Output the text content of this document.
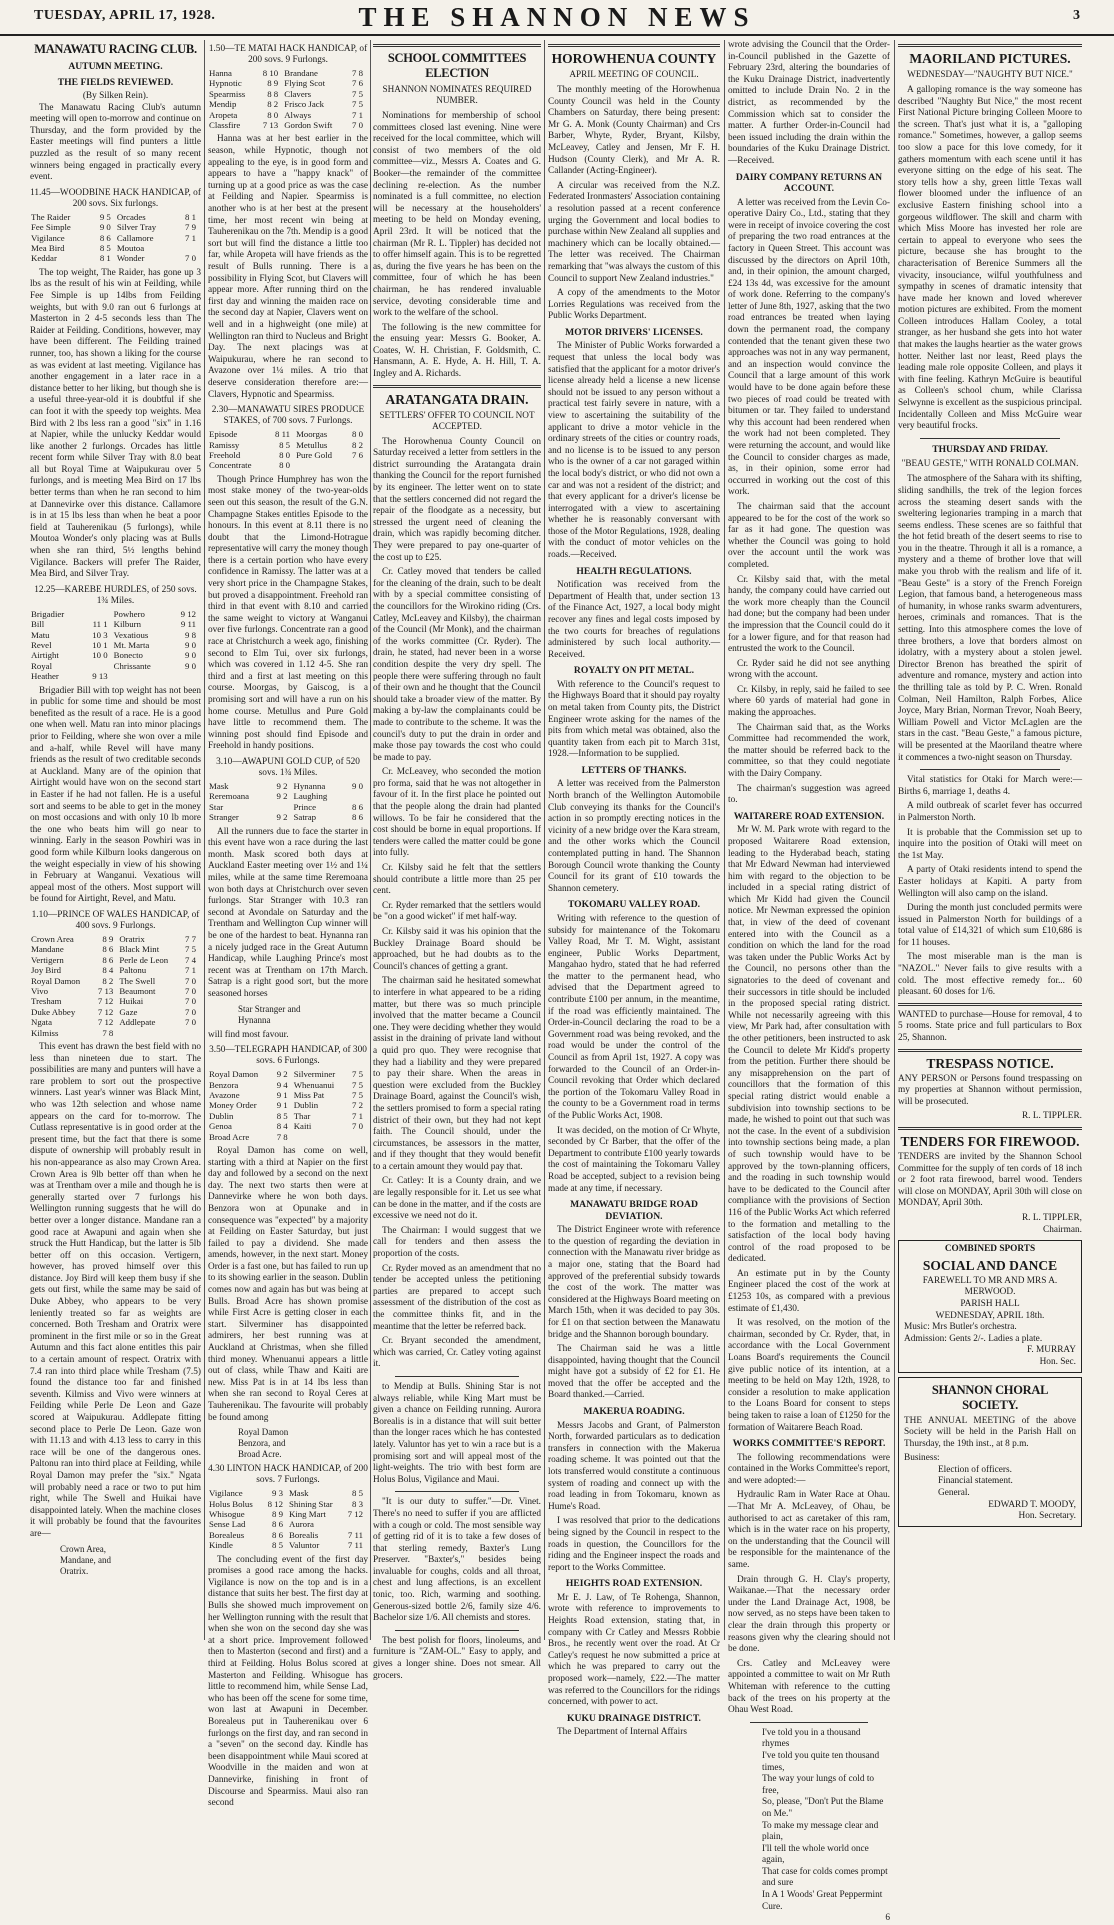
TUESDAY, APRIL 17, 1928.	THE SHANNON NEWS	3
MANAWATU RACING CLUB.
AUTUMN MEETING.
THE FIELDS REVIEWED.
(By Silken Rein).

The Manawatu Racing Club's autumn meeting will open to-morrow and continue on Thursday, and the form provided by the Easter meetings will find punters a little puzzled as the result of so many recent winners being engaged in practically every event.

11.45—WOODBINE HACK HANDICAP, of 200 sovs. Six furlongs.
The Raider	9 5	Orcades	8 1
Fee Simple	9 0	Silver Tray	7 9
Vigilance	8 6	Callamore	7 1
Mea Bird	8 5	Moutoa	
Keddar	8 1	Wonder	7 0

The top weight, The Raider, has gone up 3 lbs as the result of his win at Feilding, while Fee Simple is up 14lbs from Feilding weights, but with 9.0 ran out 6 furlongs at Masterton in 2 4-5 seconds less than The Raider at Feilding. Conditions, however, may have been different. The Feilding trained runner, too, has shown a liking for the course as was evident at last meeting. Vigilance has another engagement in a later race in a distance better to her liking, but though she is a useful three-year-old it is doubtful if she can foot it with the speedy top weights. Mea Bird with 2 lbs less ran a good "six" in 1.16 at Napier, while the unlucky Keddar would like another 2 furlongs. Orcades has little recent form while Silver Tray with 8.0 beat all but Royal Time at Waipukurau over 5 furlongs, and is meeting Mea Bird on 17 lbs better terms than when he ran second to him at Dannevirke over this distance. Callamore is in at 15 lbs less than when he beat a poor field at Tauherenikau (5 furlongs), while Moutoa Wonder's only placing was at Bulls when she ran third, 5½ lengths behind Vigilance. Backers will prefer The Raider, Mea Bird, and Silver Tray.

12.25—KAREBE HURDLES, of 250 sovs. 1¾ Miles.
Brigadier		Powhero	9 12
Bill	11 1	Kilburn	9 11
Matu	10 3	Vexatious	9 8
Revel	10 1	Mt. Marta	9 0
Airtight	10 0	Bonecto	9 0
Royal		Chrissante	9 0
Heather	9 13		

Brigadier Bill with top weight has not been in public for some time and should be most benefited as the result of a race. He is a good one when well. Matu ran into minor placings prior to Feilding, where she won over a mile and a-half, while Revel will have many friends as the result of two creditable seconds at Auckland. Many are of the opinion that Airtight would have won on the second start in Easter if he had not fallen. He is a useful sort and seems to be able to get in the money on most occasions and with only 10 lb more the one who beats him will go near to winning. Early in the season Powhiri was in good form while Kilburn looks dangerous on the weight especially in view of his showing in February at Wanganui. Vexatious will appeal most of the others. Most support will be found for Airtight, Revel, and Matu.

1.10—PRINCE OF WALES HANDICAP, of 400 sovs. 9 Furlongs.
Crown Area	8 9	Oratrix	7 7
Mandane	8 6	Black Mint	7 5
Vertigern	8 6	Perle de Leon	7 4
Joy Bird	8 4	Paltonu	7 1
Royal Damon	8 2	The Swell	7 0
Vivo	7 13	Beaumont	7 0
Tresham	7 12	Huikai	7 0
Duke Abbey	7 12	Gaze	7 0
Ngata	7 12	Addlepate	7 0
Kilmiss	7 8		

This event has drawn the best field with no less than nineteen due to start. The possibilities are many and punters will have a rare problem to sort out the prospective winners. Last year's winner was Black Mint, who was 12th selection and whose name appears on the card for to-morrow. The Cutlass representative is in good order at the present time, but the fact that there is some dispute of ownership will probably result in his non-appearance as also may Crown Area. Crown Area is 9lb better off than when he was at Trentham over a mile and though he is generally started over 7 furlongs his Wellington running suggests that he will do better over a longer distance. Mandane ran a good race at Awapuni and again when she struck the Hutt Handicap, but the latter is 5lb better off on this occasion. Vertigern, however, has proved himself over this distance. Joy Bird will keep them busy if she gets out first, while the same may be said of Duke Abbey, who appears to be very leniently treated so far as weights are concerned. Both Tresham and Oratrix were prominent in the first mile or so in the Great Autumn and this fact alone entitles this pair to a certain amount of respect. Oratrix with 7.4 ran into third place while Tresham (7.5) found the distance too far and finished seventh. Kilmiss and Vivo were winners at Feilding while Perle De Leon and Gaze scored at Waipukurau. Addlepate fitting second place to Perle De Leon. Gaze won with 11.13 and with 4.13 less to carry in this race will be one of the dangerous ones. Paltonu ran into third place at Feilding, while Royal Damon may prefer the "six." Ngata will probably need a race or two to put him right, while The Swell and Huikai have disappointed lately. When the machine closes it will probably be found that the favourites are—

Crown Area,
Mandane, and
Oratrix.
1.50—TE MATAI HACK HANDICAP, of 200 sovs. 9 Furlongs.
Hanna	8 10	Brandane	7 8
Hypnotic	8 9	Flying Scot	7 6
Spearmiss	8 8	Clavers	7 5
Mendip	8 2	Frisco Jack	7 5
Aropeta	8 0	Always	7 1
Classfire	7 13	Gordon Swift	7 0

Hanna was at her best earlier in the season, while Hypnotic, though not appealing to the eye, is in good form and appears to have a "happy knack" of turning up at a good price as was the case at Feilding and Napier. Spearmiss is another who is at her best at the present time, her most recent win being at Tauherenikau on the 7th. Mendip is a good sort but will find the distance a little too far, while Aropeta will have friends as the result of Bulls running. There is a possibility in Flying Scot, but Clavers will appear more. After running third on the first day and winning the maiden race on the second day at Napier, Clavers went on well and in a highweight (one mile) at Wellington ran third to Nucleus and Bright Day. The next placings was at Waipukurau, where he ran second to Avazone over 1¼ miles. A trio that deserve consideration therefore are:—Clavers, Hypnotic and Spearmiss.

2.30—MANAWATU SIRES PRODUCE STAKES, of 700 sovs. 7 Furlongs.
Episode	8 11	Moorgas	8 0
Ramissy	8 5	Metullus	8 2
Freehold	8 0	Pure Gold	7 6
Concentrate	8 0		

Though Prince Humphrey has won the most stake money of the two-year-olds seen out this season, the result of the G.N. Champagne Stakes entitles Episode to the honours. In this event at 8.11 there is no doubt that the Limond-Hotrague representative will carry the money though there is a certain portion who have every confidence in Ramissy. The latter was at a very short price in the Champagne Stakes, but proved a disappointment. Freehold ran third in that event with 8.10 and carried the same weight to victory at Wanganui over five furlongs. Concentrate ran a good race at Christchurch a week ago, finishing second to Elm Tui, over six furlongs, which was covered in 1.12 4-5. She ran third and a first at last meeting on this course. Moorgas, by Gaiscog, is a promising sort and will have a run on his home course. Metullus and Pure Gold have little to recommend them. The winning post should find Episode and Freehold in handy positions.

3.10—AWAPUNI GOLD CUP, of 520 sovs. 1¾ Miles.
Mask	9 2	Hynanna	9 0
Reremoana	9 2	Laughing	
Star		Prince	8 6
Stranger	9 2	Satrap	8 6

All the runners due to face the starter in this event have won a race during the last month. Mask scored both days at Auckland Easter meeting over 1½ and 1¼ miles, while at the same time Reremoana won both days at Christchurch over seven furlongs. Star Stranger with 10.3 ran second at Avondale on Saturday and the Trentham and Wellington Cup winner will be one of the hardest to beat. Hynanna ran a nicely judged race in the Great Autumn Handicap, while Laughing Prince's most recent was at Trentham on 17th March. Satrap is a right good sort, but the more seasoned horses

Star Stranger and
Hynanna

will find most favour.

3.50—TELEGRAPH HANDICAP, of 300 sovs. 6 Furlongs.
Royal Damon	9 2	Silverminer	7 5
Benzora	9 4	Whenuanui	7 5
Avazone	9 1	Miss Pat	7 5
Money Order	9 1	Dublin	7 2
Dublin	8 5	Thar	7 1
Genoa	8 4	Kaiti	7 0
Broad Acre	7 8		

Royal Damon has come on well, starting with a third at Napier on the first day and followed by a second on the next day. The next two starts then were at Dannevirke where he won both days. Benzora won at Opunake and in consequence was "expected" by a majority at Feilding on Easter Saturday, but just failed to pay a dividend. She made amends, however, in the next start. Money Order is a fast one, but has failed to run up to its showing earlier in the season. Dublin comes now and again has but was being at Bulls. Broad Acre has shown promise while First Acre is getting closer in each start. Silverminer has disappointed admirers, her best running was at Auckland at Christmas, when she filled third money. Whenuanui appears a little out of class, while Thaw and Kaiti are new. Miss Pat is in at 14 lbs less than when she ran second to Royal Ceres at Tauherenikau. The favourite will probably be found among

Royal Damon
Benzora, and
Broad Acre.
4.30 LINTON HACK HANDICAP, of 200 sovs. 7 Furlongs.
Vigilance	9 3	Mask	8 5
Holus Bolus	8 12	Shining Star	8 3
Whisogue	8 9	King Mart	7 12
Sense Lad	8 6	Aurora	
Borealeus	8 6	Borealis	7 11
Kindle	8 5	Valuntor	7 11

The concluding event of the first day promises a good race among the hacks. Vigilance is now on the top and is in a distance that suits her best. The first day at Bulls she showed much improvement on her Wellington running with the result that when she won on the second day she was at a short price. Improvement followed then to Masterton (second and first) and a third at Feilding. Holus Bolus scored at Masterton and Feilding. Whisogue has little to recommend him, while Sense Lad, who has been off the scene for some time, won last at Awapuni in December. Borealeus put in Tauherenikau over 6 furlongs on the first day, and ran second in a "seven" on the second day. Kindle has been disappointment while Maui scored at Woodville in the maiden and won at Dannevirke, finishing in front of Discourse and Spearmiss. Maui also ran second

SCHOOL COMMITTEES ELECTION
SHANNON NOMINATES REQUIRED NUMBER.

Nominations for membership of school committees closed last evening. Nine were received for the local committee, which will consist of two members of the old committee—viz., Messrs A. Coates and G. Booker—the remainder of the committee declining re-election. As the number nominated is a full committee, no election will be necessary at the householders' meeting to be held on Monday evening, April 23rd. It will be noticed that the chairman (Mr R. L. Tippler) has decided not to offer himself again. This is to be regretted as, during the five years he has been on the committee, four of which he has been chairman, he has rendered invaluable service, devoting considerable time and work to the welfare of the school.

The following is the new committee for the ensuing year: Messrs G. Booker, A. Coates, W. H. Christian, F. Goldsmith, C. Hansmann, A. E. Hyde, A. H. Hill, T. A. Ingley and A. Richards.

ARATANGATA DRAIN.
SETTLERS' OFFER TO COUNCIL NOT ACCEPTED.

The Horowhenua County Council on Saturday received a letter from settlers in the district surrounding the Aratangata drain thanking the Council for the report furnished by its engineer. The letter went on to state that the settlers concerned did not regard the repair of the floodgate as a necessity, but stressed the urgent need of cleaning the drain, which was rapidly becoming ditcher. They were prepared to pay one-quarter of the cost up to £25.

Cr. Catley moved that tenders be called for the cleaning of the drain, such to be dealt with by a special committee consisting of the councillors for the Wirokino riding (Crs. Catley, McLeavey and Kilsby), the chairman of the Council (Mr Monk), and the chairman of the works committee (Cr. Ryder). The drain, he stated, had never been in a worse condition despite the very dry spell. The people there were suffering through no fault of their own and he thought that the Council should take a broader view of the matter. By making a by-law the complainants could be made to contribute to the scheme. It was the council's duty to put the drain in order and make those pay towards the cost who could be made to pay.

Cr. McLeavey, who seconded the motion pro forma, said that he was not altogether in favour of it. In the first place he pointed out that the people along the drain had planted willows. To be fair he considered that the cost should be borne in equal proportions. If tenders were called the matter could be gone into fully.

Cr. Kilsby said he felt that the settlers should contribute a little more than 25 per cent.

Cr. Ryder remarked that the settlers would be "on a good wicket" if met half-way.

Cr. Kilsby said it was his opinion that the Buckley Drainage Board should be approached, but he had doubts as to the Council's chances of getting a grant.

The chairman said he hesitated somewhat to interfere in what appeared to be a riding matter, but there was so much principle involved that the matter became a Council one. They were deciding whether they would assist in the draining of private land without a quid pro quo. They were recognise that they had a liability and they were prepared to pay their share. When the areas in question were excluded from the Buckley Drainage Board, against the Council's wish, the settlers promised to form a special rating district of their own, but they had not kept faith. The Council should, under the circumstances, be assessors in the matter, and if they thought that they would benefit to a certain amount they would pay that.

Cr. Catley: It is a County drain, and we are legally responsible for it. Let us see what can be done in the matter, and if the costs are excessive we need not do it.

The Chairman: I would suggest that we call for tenders and then assess the proportion of the costs.

Cr. Ryder moved as an amendment that no tender be accepted unless the petitioning parties are prepared to accept such assessment of the distribution of the cost as the committee thinks fit, and in the meantime that the letter be referred back.

Cr. Bryant seconded the amendment, which was carried, Cr. Catley voting against it.

to Mendip at Bulls. Shining Star is not always reliable, while King Mart must be given a chance on Feilding running. Aurora Borealis is in a distance that will suit better than the longer races which he has contested lately. Valuntor has yet to win a race but is a promising sort and will appeal most of the light-weights. The trio with best form are Holus Bolus, Vigilance and Maui.

"It is our duty to suffer."—Dr. Vinet. There's no need to suffer if you are afflicted with a cough or cold. The most sensible way of getting rid of it is to take a few doses of that sterling remedy, Baxter's Lung Preserver. "Baxter's," besides being invaluable for coughs, colds and all throat, chest and lung affections, is an excellent tonic, too. Rich, warming and soothing. Generous-sized bottle 2/6, family size 4/6. Bachelor size 1/6. All chemists and stores.

The best polish for floors, linoleums, and furniture is "ZAM-OL." Easy to apply, and gives a longer shine. Does not smear. All grocers.

HOROWHENUA COUNTY
APRIL MEETING OF COUNCIL.

The monthly meeting of the Horowhenua County Council was held in the County Chambers on Saturday, there being present: Mr G. A. Monk (County Chairman) and Crs Barber, Whyte, Ryder, Bryant, Kilsby, McLeavey, Catley and Jensen, Mr F. H. Hudson (County Clerk), and Mr A. R. Callander (Acting-Engineer).

A circular was received from the N.Z. Federated Ironmasters' Association containing a resolution passed at a recent conference urging the Government and local bodies to purchase within New Zealand all supplies and machinery which can be locally obtained.—The letter was received. The Chairman remarking that "was always the custom of this Council to support New Zealand industries."

A copy of the amendments to the Motor Lorries Regulations was received from the Public Works Department.

MOTOR DRIVERS' LICENSES.

The Minister of Public Works forwarded a request that unless the local body was satisfied that the applicant for a motor driver's license already held a license a new license should not be issued to any person without a practical test fairly severe in nature, with a view to ascertaining the suitability of the applicant to drive a motor vehicle in the ordinary streets of the cities or country roads, and no license is to be issued to any person who is the owner of a car not garaged within the local body's district, or who did not own a car and was not a resident of the district; and that every applicant for a driver's license be interrogated with a view to ascertaining whether he is reasonably conversant with those of the Motor Regulations, 1928, dealing with the conduct of motor vehicles on the roads.—Received.

HEALTH REGULATIONS.

Notification was received from the Department of Health that, under section 13 of the Finance Act, 1927, a local body might recover any fines and legal costs imposed by the two courts for breaches of regulations administered by such local authority.—Received.

ROYALTY ON PIT METAL.

With reference to the Council's request to the Highways Board that it should pay royalty on metal taken from County pits, the District Engineer wrote asking for the names of the pits from which metal was obtained, also the quantity taken from each pit to March 31st, 1928.—Information to be supplied.

LETTERS OF THANKS.

A letter was received from the Palmerston North branch of the Wellington Automobile Club conveying its thanks for the Council's action in so promptly erecting notices in the vicinity of a new bridge over the Kara stream, and the other works which the Council contemplated putting in hand. The Shannon Borough Council wrote thanking the County Council for its grant of £10 towards the Shannon cemetery.

TOKOMARU VALLEY ROAD.

Writing with reference to the question of subsidy for maintenance of the Tokomaru Valley Road, Mr T. M. Wight, assistant engineer, Public Works Department, Mangahao hydro, stated that he had referred the matter to the permanent head, who advised that the Department agreed to contribute £100 per annum, in the meantime, if the road was efficiently maintained. The Order-in-Council declaring the road to be a Government road was being revoked, and the road would be under the control of the Council as from April 1st, 1927. A copy was forwarded to the Council of an Order-in-Council revoking that Order which declared the portion of the Tokomaru Valley Road in the county to be a Government road in terms of the Public Works Act, 1908.

It was decided, on the motion of Cr Whyte, seconded by Cr Barber, that the offer of the Department to contribute £100 yearly towards the cost of maintaining the Tokomaru Valley Road be accepted, subject to a revision being made at any time, if necessary.

MANAWATU BRIDGE ROAD DEVIATION.

The District Engineer wrote with reference to the question of regarding the deviation in connection with the Manawatu river bridge as a major one, stating that the Board had approved of the preferential subsidy towards the cost of the work. The matter was considered at the Highways Board meeting on March 15th, when it was decided to pay 30s. for £1 on that section between the Manawatu bridge and the Shannon borough boundary.

The Chairman said he was a little disappointed, having thought that the Council might have got a subsidy of £2 for £1. He moved that the offer be accepted and the Board thanked.—Carried.

MAKERUA ROADING.

Messrs Jacobs and Grant, of Palmerston North, forwarded particulars as to dedication transfers in connection with the Makerua roading scheme. It was pointed out that the lots transferred would constitute a continuous system of roading and connect up with the road leading in from Tokomaru, known as Hume's Road.

I was resolved that prior to the dedications being signed by the Council in respect to the roads in question, the Councillors for the riding and the Engineer inspect the roads and report to the Works Committee.

HEIGHTS ROAD EXTENSION.

Mr E. J. Law, of Te Rohenga, Shannon, wrote with reference to improvements to Heights Road extension, stating that, in company with Cr Catley and Messrs Robbie Bros., he recently went over the road. At Cr Catley's request he now submitted a price at which he was prepared to carry out the proposed work—namely, £22.—The matter was referred to the Councillors for the ridings concerned, with power to act.

KUKU DRAINAGE DISTRICT.

The Department of Internal Affairs

wrote advising the Council that the Order-in-Council published in the Gazette of February 23rd, altering the boundaries of the Kuku Drainage District, inadvertently omitted to include Drain No. 2 in the district, as recommended by the Commission which sat to consider the matter. A further Order-in-Council had been issued including the drain within the boundaries of the Kuku Drainage District.—Received.

DAIRY COMPANY RETURNS AN ACCOUNT.

A letter was received from the Levin Co-operative Dairy Co., Ltd., stating that they were in receipt of invoice covering the cost of preparing the two road entrances at the factory in Queen Street. This account was discussed by the directors on April 10th, and, in their opinion, the amount charged, £24 13s 4d, was excessive for the amount of work done. Referring to the company's letter of June 8th, 1927, asking that the two road entrances be treated when laying down the permanent road, the company contended that the tenant given these two approaches was not in any way permanent, and an inspection would convince the Council that a large amount of this work would have to be done again before these two pieces of road could be treated with bitumen or tar. They failed to understand why this account had been rendered when the work had not been completed. They were returning the account, and would like the Council to consider charges as made, as, in their opinion, some error had occurred in working out the cost of this work.

The chairman said that the account appeared to be for the cost of the work so far as it had gone. The question was whether the Council was going to hold over the account until the work was completed.

Cr. Kilsby said that, with the metal handy, the company could have carried out the work more cheaply than the Council had done; but the company had been under the impression that the Council could do it for a lower figure, and for that reason had entrusted the work to the Council.

Cr. Ryder said he did not see anything wrong with the account.

Cr. Kilsby, in reply, said he failed to see where 60 yards of material had gone in making the approaches.

The Chairman said that, as the Works Committee had recommended the work, the matter should be referred back to the committee, so that they could negotiate with the Dairy Company.

The chairman's suggestion was agreed to.

WAITARERE ROAD EXTENSION.

Mr W. M. Park wrote with regard to the proposed Waitarere Road extension, leading to the Hyderabad beach, stating that Mr Edward Newman had interviewed him with regard to the objection to be included in a special rating district of which Mr Kidd had given the Council notice. Mr Newman expressed the opinion that, in view of the deed of covenant entered into with the Council as a condition on which the land for the road was taken under the Public Works Act by the Council, no persons other than the signatories to the deed of covenant and their successors in title should be included in the proposed special rating district. While not necessarily agreeing with this view, Mr Park had, after consultation with the other petitioners, been instructed to ask the Council to delete Mr Kidd's property from the petition. Further there should be any misapprehension on the part of councillors that the formation of this special rating district would enable a subdivision into township sections to be made, he wished to point out that such was not the case. In the event of a subdivision into township sections being made, a plan of such township would have to be approved by the town-planning officers, and the roading in such township would have to be dedicated to the Council after compliance with the provisions of Section 116 of the Public Works Act which referred to the formation and metalling to the satisfaction of the local body having control of the road proposed to be dedicated.

An estimate put in by the County Engineer placed the cost of the work at £1253 10s, as compared with a previous estimate of £1,430.

It was resolved, on the motion of the chairman, seconded by Cr. Ryder, that, in accordance with the Local Government Loans Board's requirements the Council give public notice of its intention, at a meeting to be held on May 12th, 1928, to consider a resolution to make application to the Loans Board for consent to steps being taken to raise a loan of £1250 for the formation of Waitarere Beach Road.

WORKS COMMITTEE'S REPORT.

The following recommendations were contained in the Works Committee's report, and were adopted:—

Hydraulic Ram in Water Race at Ohau.—That Mr A. McLeavey, of Ohau, be authorised to act as caretaker of this ram, which is in the water race on his property, on the understanding that the Council will be responsible for the maintenance of the same.

Drain through G. H. Clay's property, Waikanae.—That the necessary order under the Land Drainage Act, 1908, be now served, as no steps have been taken to clear the drain through this property or reasons given why the clearing should not be done.

Crs. Catley and McLeavey were appointed a committee to wait on Mr Ruth Whiteman with reference to the cutting back of the trees on his property at the Ohau West Road.

I've told you in a thousand rhymes
I've told you quite ten thousand times,
The way your lungs of cold to free,
So, please, "Don't Put the Blame on Me."
To make my message clear and plain,
I'll tell the whole world once again,
That case for colds comes prompt and sure
In A 1 Woods' Great Peppermint Cure.
6
MAORILAND PICTURES.
WEDNESDAY—"NAUGHTY BUT NICE."

A galloping romance is the way someone has described "Naughty But Nice," the most recent First National Picture bringing Colleen Moore to the screen. That's just what it is, a "galloping romance." Sometimes, however, a gallop seems too slow a pace for this love comedy, for it gathers momentum with each scene until it has everyone sitting on the edge of his seat. The story tells how a shy, green little Texas wall flower bloomed under the influence of an exclusive Eastern finishing school into a gorgeous wildflower. The skill and charm with which Miss Moore has invested her role are certain to appeal to everyone who sees the picture, because she has brought to the characterisation of Berenice Summers all the vivacity, insouciance, wilful youthfulness and sympathy in scenes of dramatic intensity that have made her known and loved wherever motion pictures are exhibited. From the moment Colleen introduces Hallam Cooley, a total stranger, as her husband she gets into hot water that makes the laughs heartier as the water grows hotter. Neither last nor least, Reed plays the leading male role opposite Colleen, and plays it with fine feeling. Kathryn McGuire is beautiful as Colleen's school chum, while Clarissa Selwynne is excellent as the suspicious principal. Incidentally Colleen and Miss McGuire wear very beautiful frocks.

THURSDAY AND FRIDAY.
"BEAU GESTE," WITH RONALD COLMAN.

The atmosphere of the Sahara with its shifting, sliding sandhills, the trek of the legion forces across the steaming desert sands with the sweltering legionaries tramping in a march that seems endless. These scenes are so faithful that the hot fetid breath of the desert seems to rise to you in the theatre. Through it all is a romance, a mystery and a theme of brother love that will make you throb with the realism and life of it. "Beau Geste" is a story of the French Foreign Legion, that famous band, a heterogeneous mass of humanity, in whose ranks swarm adventurers, heroes, criminals and romances. That is the setting. Into this atmosphere comes the love of three brothers, a love that borders almost on idolatry, with a mystery about a stolen jewel. Director Brenon has breathed the spirit of adventure and romance, mystery and action into the thrilling tale as told by P. C. Wren. Ronald Colman, Neil Hamilton, Ralph Forbes, Alice Joyce, Mary Brian, Norman Trevor, Noah Beery, William Powell and Victor McLaglen are the stars in the cast. "Beau Geste," a famous picture, will be presented at the Maoriland theatre where it commences a two-night season on Thursday.

Vital statistics for Otaki for March were:—Births 6, marriage 1, deaths 4.

A mild outbreak of scarlet fever has occurred in Palmerston North.

It is probable that the Commission set up to inquire into the position of Otaki will meet on the 1st May.

A party of Otaki residents intend to spend the Easter holidays at Kapiti. A party from Wellington will also camp on the island.

During the month just concluded permits were issued in Palmerston North for buildings of a total value of £14,321 of which sum £10,686 is for 11 houses.

The most miserable man is the man is "NAZOL." Never fails to give results with a cold. The most effective remedy for... 60 pleasant. 60 doses for 1/6.

WANTED to purchase—House for removal, 4 to 5 rooms. State price and full particulars to Box 25, Shannon.

TRESPASS NOTICE.

ANY PERSON or Persons found trespassing on my properties at Shannon without permission, will be prosecuted.

R. L. TIPPLER.
TENDERS FOR FIREWOOD.

TENDERS are invited by the Shannon School Committee for the supply of ten cords of 18 inch or 2 foot rata firewood, barrel wood. Tenders will close on MONDAY, April 30th will close on MONDAY, April 30th.

R. L. TIPPLER,
Chairman.
COMBINED SPORTS
SOCIAL AND DANCE
FAREWELL TO MR AND MRS A. MERWOOD.
PARISH HALL
WEDNESDAY, APRIL 18th.
Music: Mrs Butler's orchestra.
Admission: Gents 2/-. Ladies a plate.
F. MURRAY
Hon. Sec.
SHANNON CHORAL SOCIETY.

THE ANNUAL MEETING of the above Society will be held in the Parish Hall on Thursday, the 19th inst., at 8 p.m.

Business:
Election of officers.
Financial statement.
General.
EDWARD T. MOODY,
Hon. Secretary.
